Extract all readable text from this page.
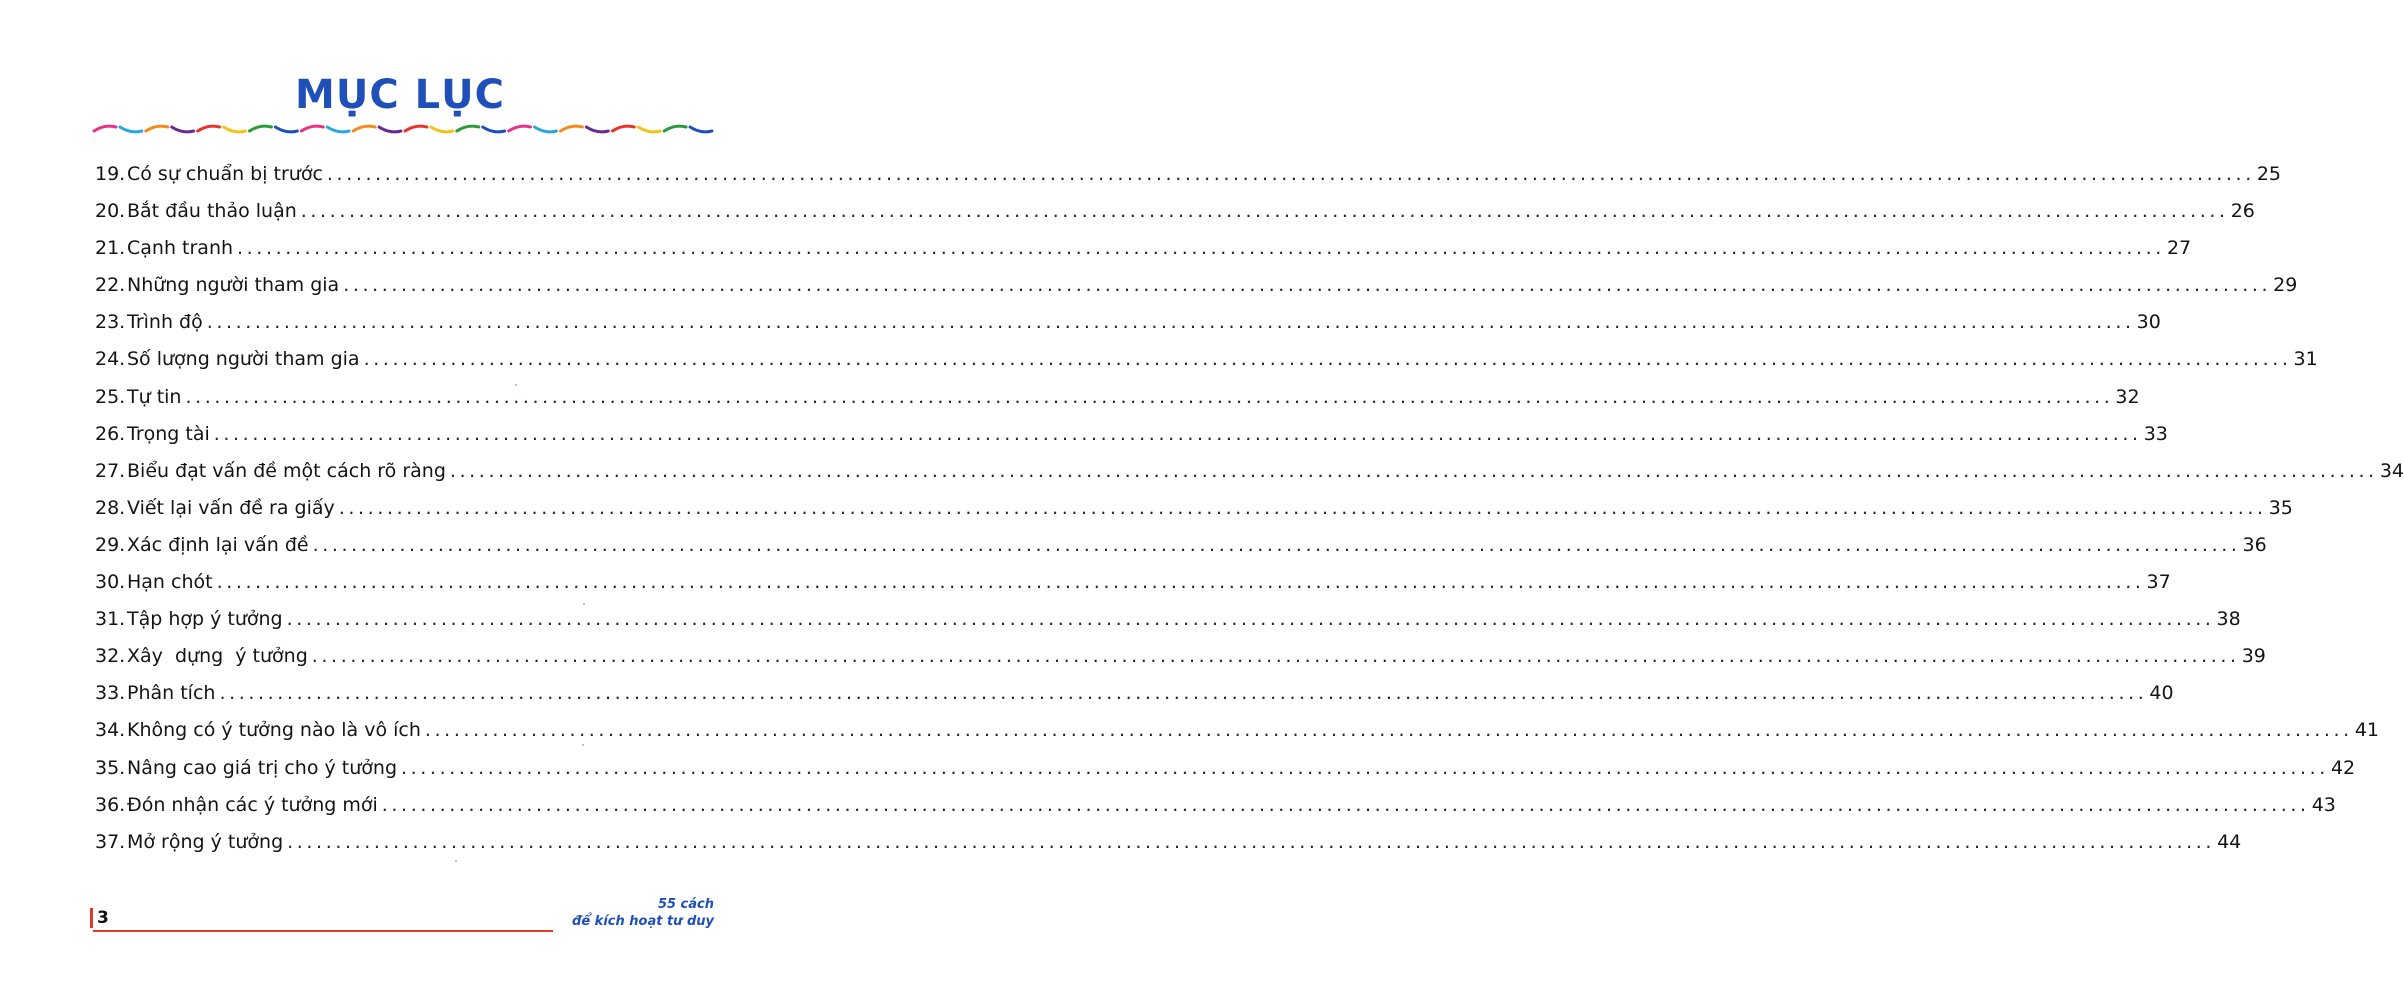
MỤC LỤC
19. Có sự chuẩn bị trước ........................................................................................................................................................................................................ 25
20. Bắt đầu thảo luận ........................................................................................................................................................................................................ 26
21. Cạnh tranh ........................................................................................................................................................................................................ 27
22. Những người tham gia ........................................................................................................................................................................................................ 29
23. Trình độ ........................................................................................................................................................................................................ 30
24. Số lượng người tham gia ........................................................................................................................................................................................................ 31
25. Tự tin ........................................................................................................................................................................................................ 32
26. Trọng tài ........................................................................................................................................................................................................ 33
27. Biểu đạt vấn đề một cách rõ ràng ........................................................................................................................................................................................................ 34
28. Viết lại vấn đề ra giấy ........................................................................................................................................................................................................ 35
29. Xác định lại vấn đề ........................................................................................................................................................................................................ 36
30. Hạn chót ........................................................................................................................................................................................................ 37
31. Tập hợp ý tưởng ........................................................................................................................................................................................................ 38
32. Xây  dựng  ý tưởng ........................................................................................................................................................................................................ 39
33. Phân tích ........................................................................................................................................................................................................ 40
34. Không có ý tưởng nào là vô ích ........................................................................................................................................................................................................ 41
35. Nâng cao giá trị cho ý tưởng ........................................................................................................................................................................................................ 42
36. Đón nhận các ý tưởng mới ........................................................................................................................................................................................................ 43
37. Mở rộng ý tưởng ........................................................................................................................................................................................................ 44
3
55 cách
để kích hoạt tư duy
